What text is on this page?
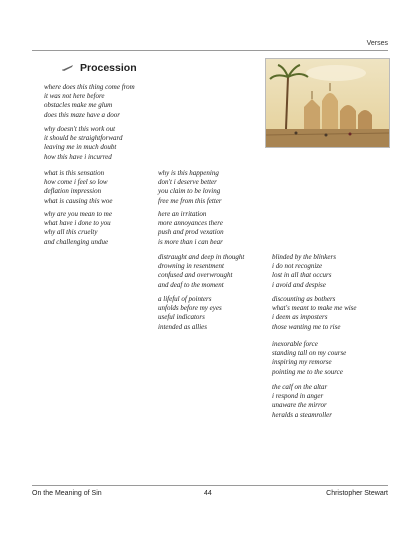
Verses
Procession
where does this thing come from
it was not here before
obstacles make me glum
does this maze have a door
why doesn't this work out
it should be straightforward
leaving me in much doubt
how this have i incurred
what is this sensation
how come i feel so low
deflation impression
what is causing this woe
why are you mean to me
what have i done to you
why all this cruelty
and challenging undue
why is this happening
don't i deserve better
you claim to be loving
free me from this fetter
here an irritation
more annoyances there
push and prod vexation
is more than i can bear
distraught and deep in thought
drowning in resentment
confused and overwrought
and deaf to the moment
a lifeful of pointers
unfolds before my eyes
useful indicators
intended as allies
blinded by the blinkers
i do not recognize
lost in all that occurs
i avoid and despise
discounting as bothers
what's meant to make me wise
i deem as imposters
those wanting me to rise
inexorable force
standing tall on my course
inspiring my remorse
pointing me to the source
the calf on the altar
i respond in anger
unaware the mirror
heralds a steamroller
On the Meaning of Sin	44	Christopher Stewart
